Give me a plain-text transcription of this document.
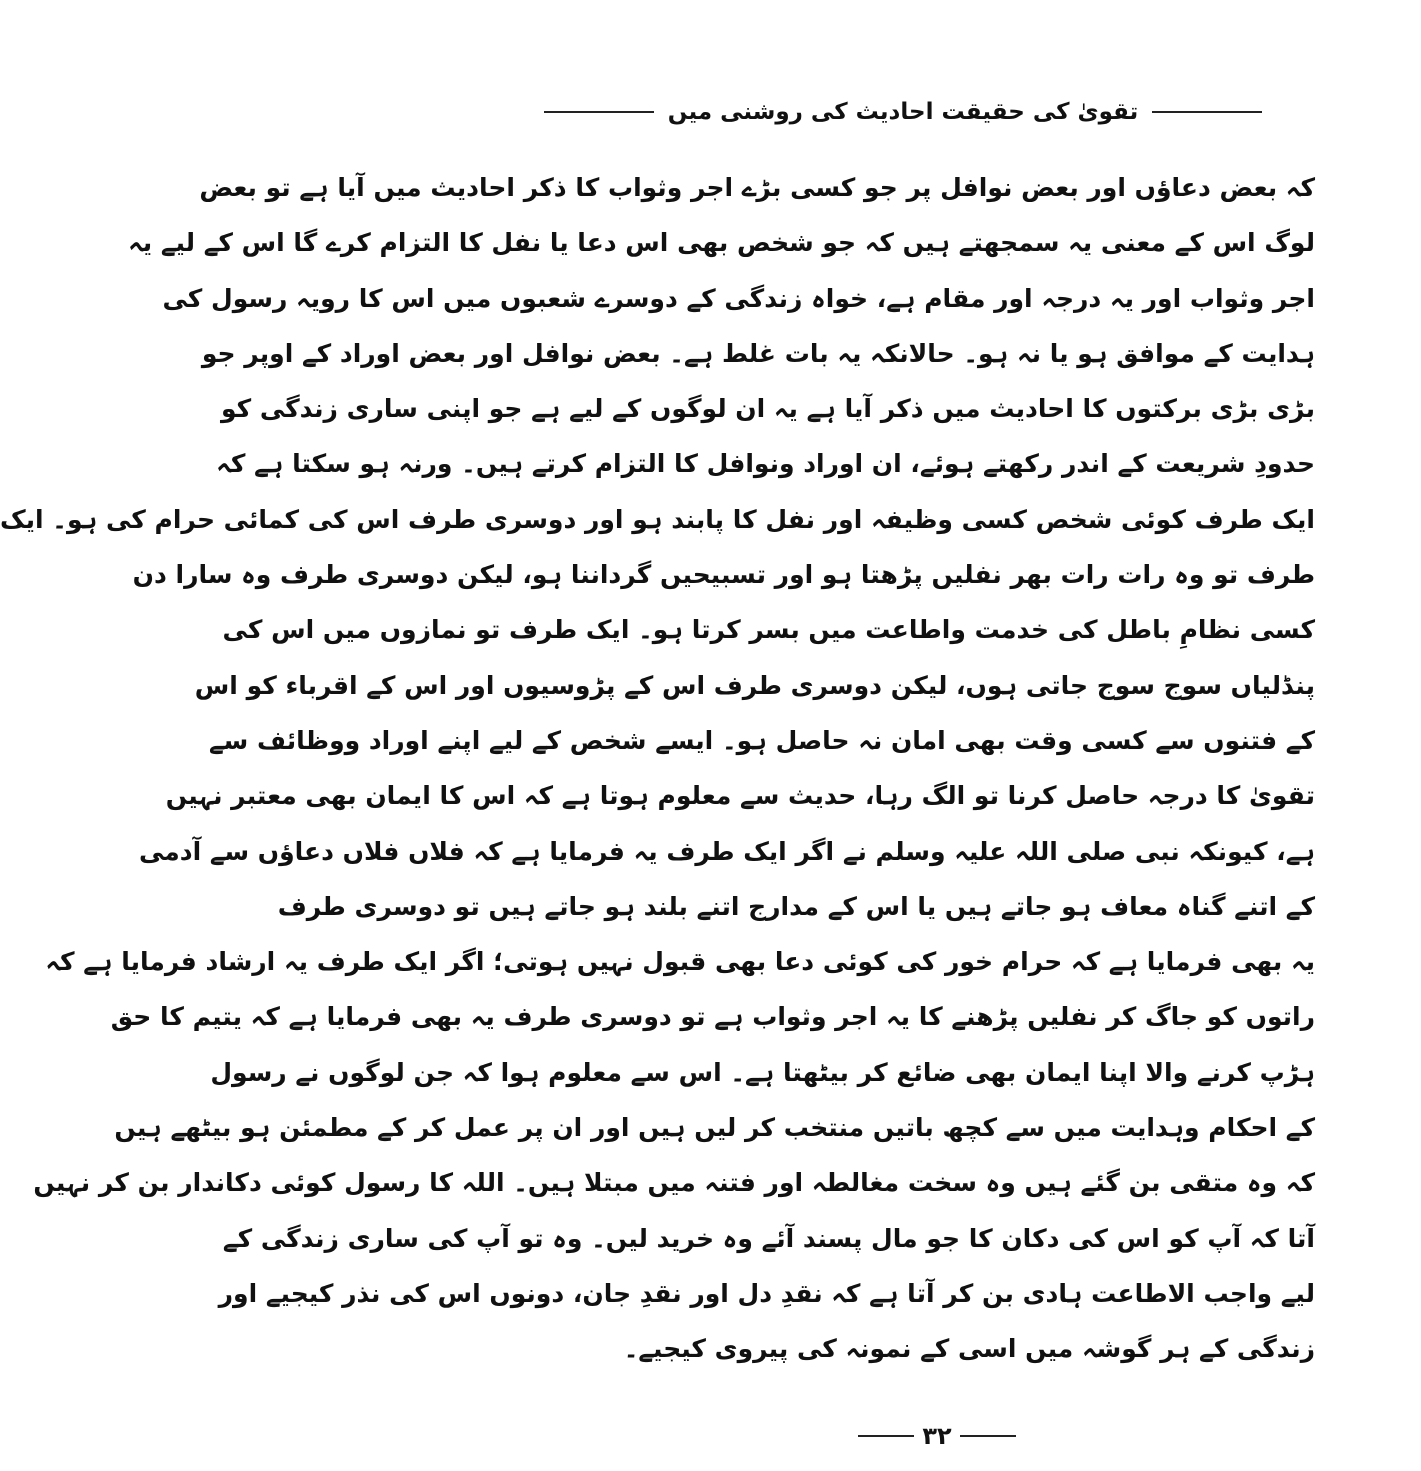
تقویٰ کی حقیقت احادیث کی روشنی میں
کہ بعض دعاؤں اور بعض نوافل پر جو کسی بڑے اجر وثواب کا ذکر احادیث میں آیا ہے تو بعض
لوگ اس کے معنی یہ سمجھتے ہیں کہ جو شخص بھی اس دعا یا نفل کا التزام کرے گا اس کے لیے یہ
اجر وثواب اور یہ درجہ اور مقام ہے، خواہ زندگی کے دوسرے شعبوں میں اس کا رویہ رسول کی
ہدایت کے موافق ہو یا نہ ہو۔ حالانکہ یہ بات غلط ہے۔ بعض نوافل اور بعض اوراد کے اوپر جو
بڑی بڑی برکتوں کا احادیث میں ذکر آیا ہے یہ ان لوگوں کے لیے ہے جو اپنی ساری زندگی کو
حدودِ شریعت کے اندر رکھتے ہوئے، ان اوراد ونوافل کا التزام کرتے ہیں۔ ورنہ ہو سکتا ہے کہ
ایک طرف کوئی شخص کسی وظیفہ اور نفل کا پابند ہو اور دوسری طرف اس کی کمائی حرام کی ہو۔ ایک
طرف تو وہ رات رات بھر نفلیں پڑھتا ہو اور تسبیحیں گرداننا ہو، لیکن دوسری طرف وہ سارا دن
کسی نظامِ باطل کی خدمت واطاعت میں بسر کرتا ہو۔ ایک طرف تو نمازوں میں اس کی
پنڈلیاں سوج سوج جاتی ہوں، لیکن دوسری طرف اس کے پڑوسیوں اور اس کے اقرباء کو اس
کے فتنوں سے کسی وقت بھی امان نہ حاصل ہو۔ ایسے شخص کے لیے اپنے اوراد ووظائف سے
تقویٰ کا درجہ حاصل کرنا تو الگ رہا، حدیث سے معلوم ہوتا ہے کہ اس کا ایمان بھی معتبر نہیں
ہے، کیونکہ نبی صلی اللہ علیہ وسلم نے اگر ایک طرف یہ فرمایا ہے کہ فلاں فلاں دعاؤں سے آدمی
کے اتنے گناہ معاف ہو جاتے ہیں یا اس کے مدارج اتنے بلند ہو جاتے ہیں تو دوسری طرف
یہ بھی فرمایا ہے کہ حرام خور کی کوئی دعا بھی قبول نہیں ہوتی؛ اگر ایک طرف یہ ارشاد فرمایا ہے کہ
راتوں کو جاگ کر نفلیں پڑھنے کا یہ اجر وثواب ہے تو دوسری طرف یہ بھی فرمایا ہے کہ یتیم کا حق
ہڑپ کرنے والا اپنا ایمان بھی ضائع کر بیٹھتا ہے۔ اس سے معلوم ہوا کہ جن لوگوں نے رسول
کے احکام وہدایت میں سے کچھ باتیں منتخب کر لیں ہیں اور ان پر عمل کر کے مطمئن ہو بیٹھے ہیں
کہ وہ متقی بن گئے ہیں وہ سخت مغالطہ اور فتنہ میں مبتلا ہیں۔ اللہ کا رسول کوئی دکاندار بن کر نہیں
آتا کہ آپ کو اس کی دکان کا جو مال پسند آئے وہ خرید لیں۔ وہ تو آپ کی ساری زندگی کے
لیے واجب الاطاعت ہادی بن کر آتا ہے کہ نقدِ دل اور نقدِ جان، دونوں اس کی نذر کیجیے اور
زندگی کے ہر گوشہ میں اسی کے نمونہ کی پیروی کیجیے۔
۳۲
